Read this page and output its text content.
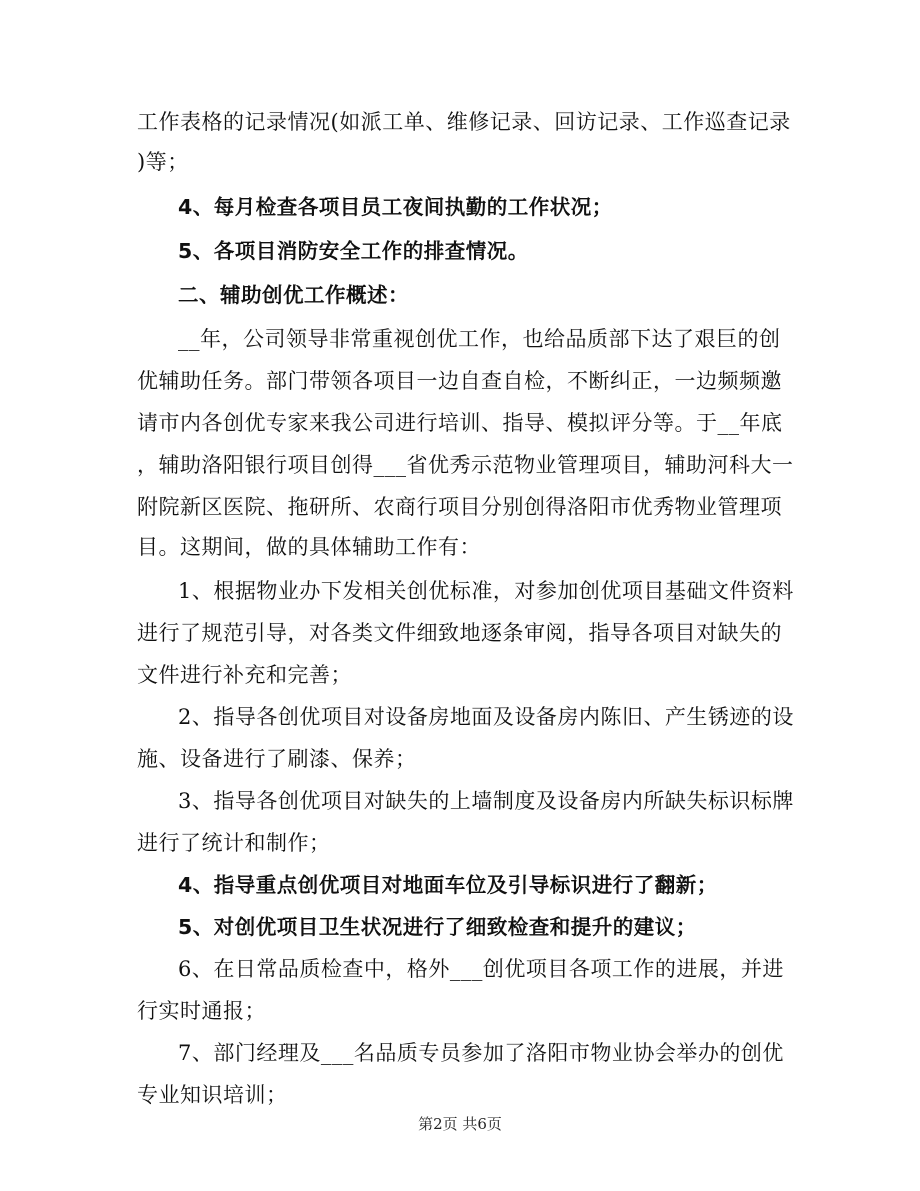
工作表格的记录情况(如派工单、维修记录、回访记录、工作巡查记录
)等；
4、每月检查各项目员工夜间执勤的工作状况；
5、各项目消防安全工作的排查情况。
二、辅助创优工作概述：
__年，公司领导非常重视创优工作，也给品质部下达了艰巨的创
优辅助任务。部门带领各项目一边自查自检，不断纠正，一边频频邀
请市内各创优专家来我公司进行培训、指导、模拟评分等。于__年底
，辅助洛阳银行项目创得___省优秀示范物业管理项目，辅助河科大一
附院新区医院、拖研所、农商行项目分别创得洛阳市优秀物业管理项
目。这期间，做的具体辅助工作有：
1、根据物业办下发相关创优标准，对参加创优项目基础文件资料
进行了规范引导，对各类文件细致地逐条审阅，指导各项目对缺失的
文件进行补充和完善；
2、指导各创优项目对设备房地面及设备房内陈旧、产生锈迹的设
施、设备进行了刷漆、保养；
3、指导各创优项目对缺失的上墙制度及设备房内所缺失标识标牌
进行了统计和制作；
4、指导重点创优项目对地面车位及引导标识进行了翻新；
5、对创优项目卫生状况进行了细致检查和提升的建议；
6、在日常品质检查中，格外___创优项目各项工作的进展，并进
行实时通报；
7、部门经理及___名品质专员参加了洛阳市物业协会举办的创优
专业知识培训；
第2页 共6页
